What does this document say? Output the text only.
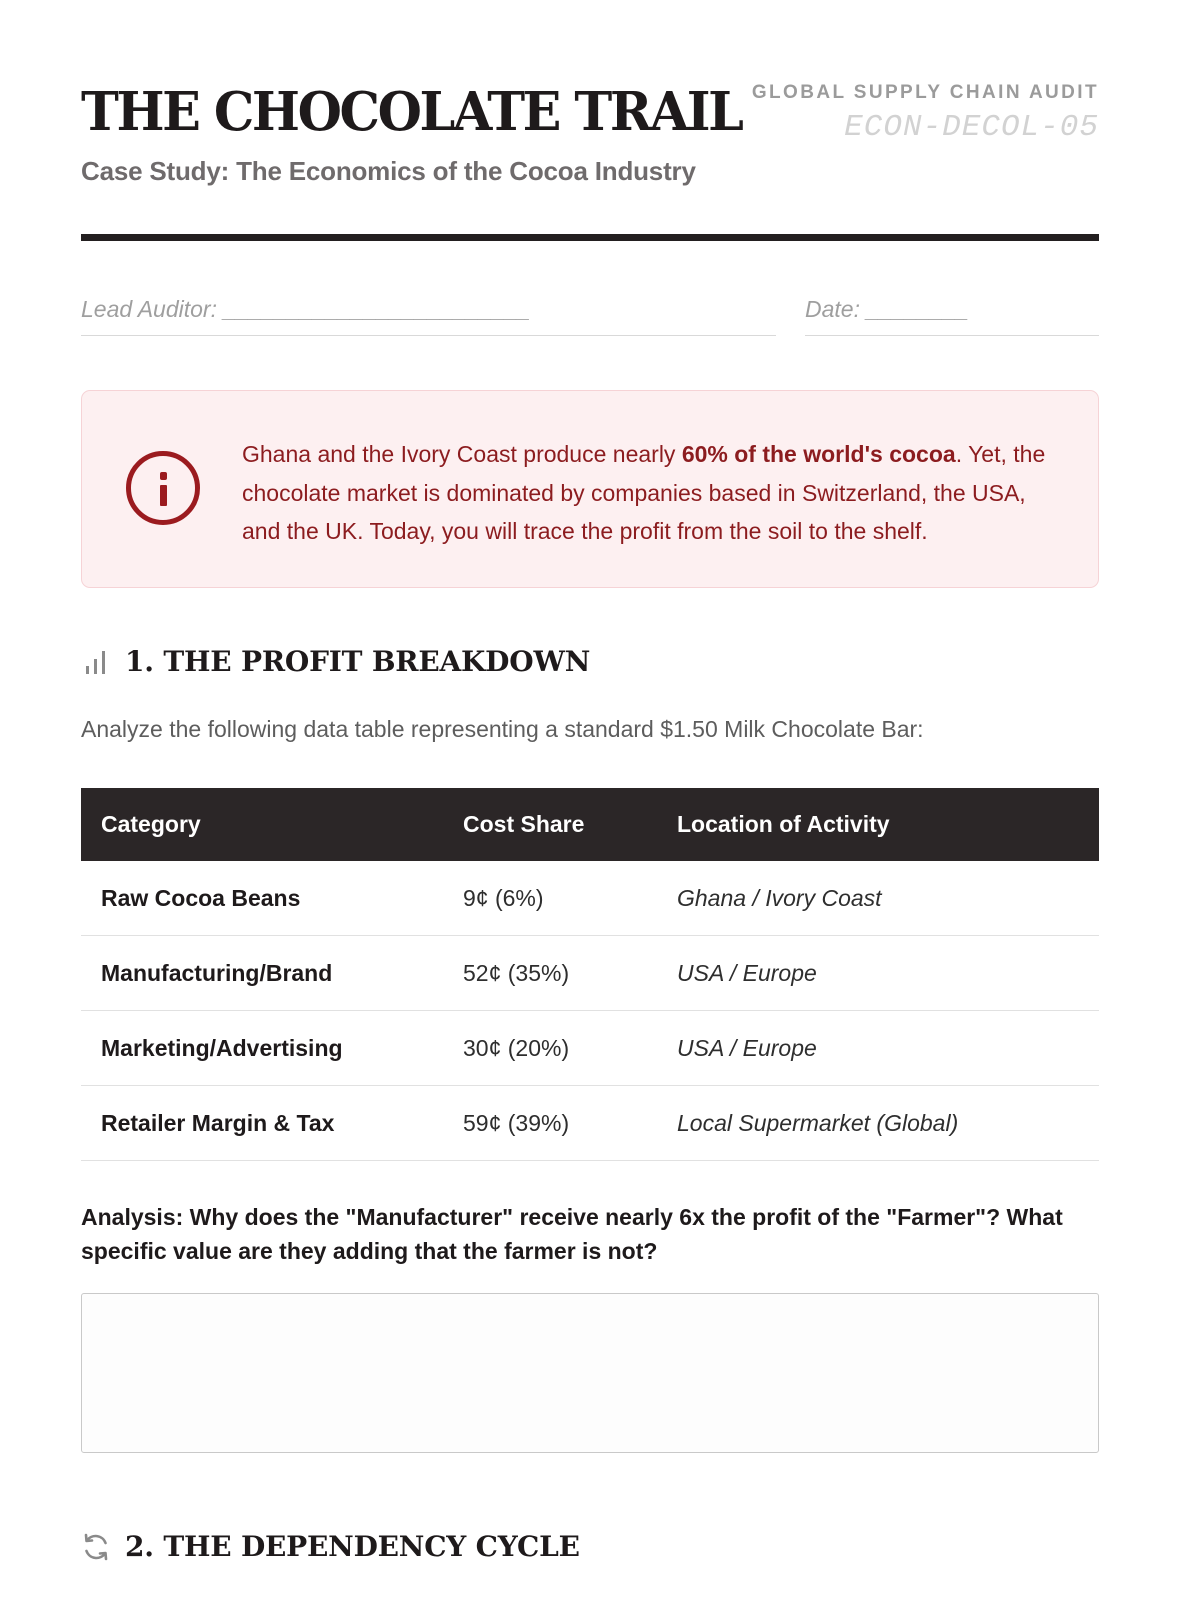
THE CHOCOLATE TRAIL
Case Study: The Economics of the Cocoa Industry
GLOBAL SUPPLY CHAIN AUDIT
ECON-DECOL-05
Lead Auditor: ________________________	Date: ________
Ghana and the Ivory Coast produce nearly 60% of the world's cocoa. Yet, the chocolate market is dominated by companies based in Switzerland, the USA, and the UK. Today, you will trace the profit from the soil to the shelf.
1. THE PROFIT BREAKDOWN
Analyze the following data table representing a standard $1.50 Milk Chocolate Bar:
Category	Cost Share	Location of Activity
Raw Cocoa Beans	9¢ (6%)	Ghana / Ivory Coast
Manufacturing/Brand	52¢ (35%)	USA / Europe
Marketing/Advertising	30¢ (20%)	USA / Europe
Retailer Margin & Tax	59¢ (39%)	Local Supermarket (Global)
Analysis: Why does the "Manufacturer" receive nearly 6x the profit of the "Farmer"? What specific value are they adding that the farmer is not?
2. THE DEPENDENCY CYCLE
